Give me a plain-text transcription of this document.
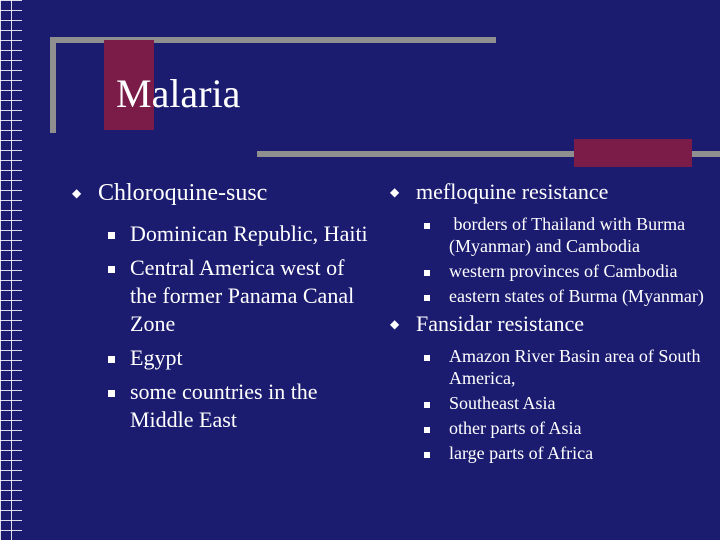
Malaria
◆ Chloroquine-susc
Dominican Republic, Haiti
Central America west of the former Panama Canal Zone
Egypt
some countries in the Middle East
◆ mefloquine resistance
borders of Thailand with Burma (Myanmar) and Cambodia
western provinces of Cambodia
eastern states of Burma (Myanmar)
◆ Fansidar resistance
Amazon River Basin area of South America,
Southeast Asia
other parts of Asia
large parts of Africa
